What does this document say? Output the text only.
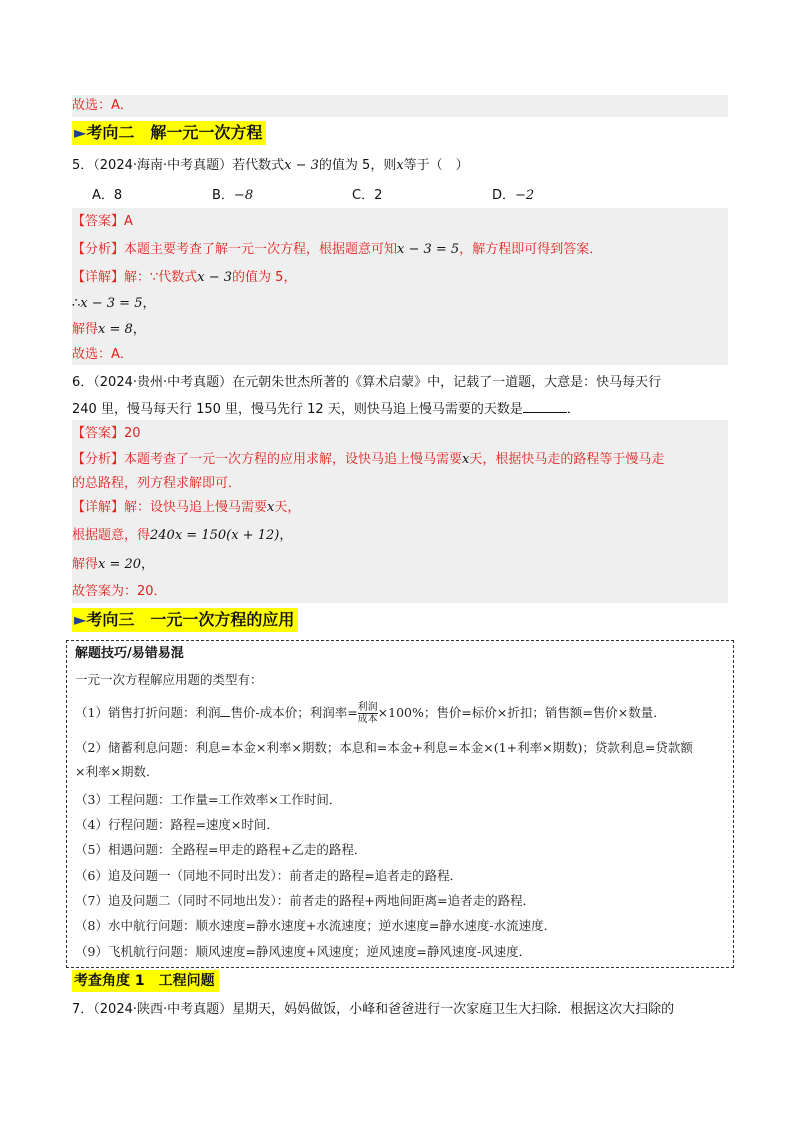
故选：A．
►考向二　解一元一次方程
5．（2024·海南·中考真题）若代数式x − 3的值为 5，则x等于（　）
A．8	B．−8	C．2	D．−2
【答案】A
【分析】本题主要考查了解一元一次方程，根据题意可知x − 3 = 5，解方程即可得到答案．
【详解】解：∵代数式x − 3的值为 5，
∴x − 3 = 5，
解得x = 8，
故选：A．
6．（2024·贵州·中考真题）在元朝朱世杰所著的《算术启蒙》中，记载了一道题，大意是：快马每天行
240 里，慢马每天行 150 里，慢马先行 12 天，则快马追上慢马需要的天数是	．
【答案】20
【分析】本题考查了一元一次方程的应用求解，设快马追上慢马需要x天，根据快马走的路程等于慢马走
的总路程，列方程求解即可．
【详解】解：设快马追上慢马需要x天，
根据题意，得240x = 150(x + 12)，
解得x = 20，
故答案为：20．
►考向三　一元一次方程的应用
解题技巧/易错易混
一元一次方程解应用题的类型有：
（1）销售打折问题：利润 售价-成本价；利润率= $\frac{\text{利润}}{\text{成本}} \times 100\%$；售价=标价×折扣；销售额=售价×数量．
（2）储蓄利息问题：利息=本金×利率×期数；本息和=本金+利息=本金×(1+利率×期数)；贷款利息=贷款额
×利率×期数．
（3）工程问题：工作量=工作效率×工作时间．
（4）行程问题：路程=速度×时间．
（5）相遇问题：全路程=甲走的路程+乙走的路程．
（6）追及问题一（同地不同时出发）：前者走的路程=追者走的路程．
（7）追及问题二（同时不同地出发）：前者走的路程+两地间距离=追者走的路程．
（8）水中航行问题：顺水速度=静水速度+水流速度；逆水速度=静水速度-水流速度．
（9）飞机航行问题：顺风速度=静风速度+风速度；逆风速度=静风速度-风速度．
考查角度 1　工程问题
7．（2024·陕西·中考真题）星期天，妈妈做饭，小峰和爸爸进行一次家庭卫生大扫除．根据这次大扫除的
